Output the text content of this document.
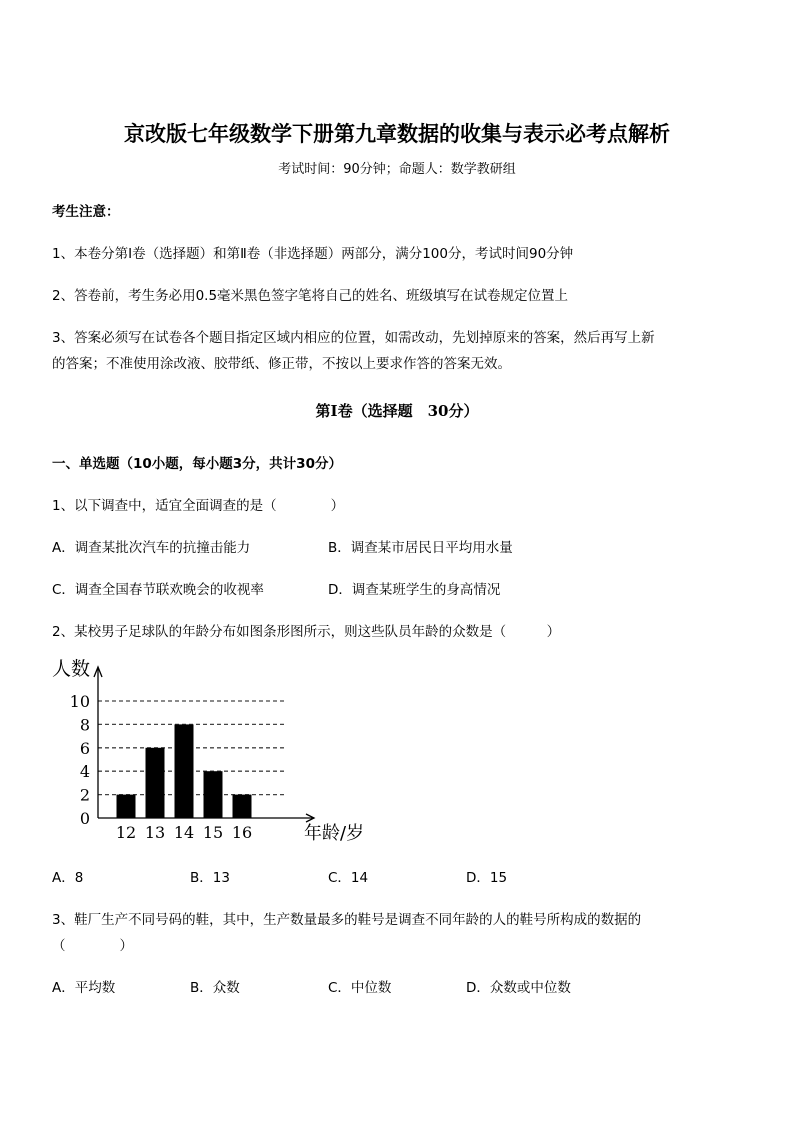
京改版七年级数学下册第九章数据的收集与表示必考点解析
考试时间：90分钟；命题人：数学教研组
考生注意：
1、本卷分第Ⅰ卷（选择题）和第Ⅱ卷（非选择题）两部分，满分100分，考试时间90分钟
2、答卷前，考生务必用0.5毫米黑色签字笔将自己的姓名、班级填写在试卷规定位置上
3、答案必须写在试卷各个题目指定区域内相应的位置，如需改动，先划掉原来的答案，然后再写上新
的答案；不准使用涂改液、胶带纸、修正带，不按以上要求作答的答案无效。
第Ⅰ卷（选择题　30分）
一、单选题（10小题，每小题3分，共计30分）
1、以下调查中，适宜全面调查的是（　　　　）
A．调查某批次汽车的抗撞击能力	B．调查某市居民日平均用水量
C．调查全国春节联欢晚会的收视率	D．调查某班学生的身高情况
2、某校男子足球队的年龄分布如图条形图所示，则这些队员年龄的众数是（　　　）
0
2
4
6
8
10
12 13 14 15 16
人数
年龄/岁
A．8	B．13	C．14	D．15
3、鞋厂生产不同号码的鞋，其中，生产数量最多的鞋号是调查不同年龄的人的鞋号所构成的数据的
（　　　　）
A．平均数	B．众数	C．中位数	D．众数或中位数
